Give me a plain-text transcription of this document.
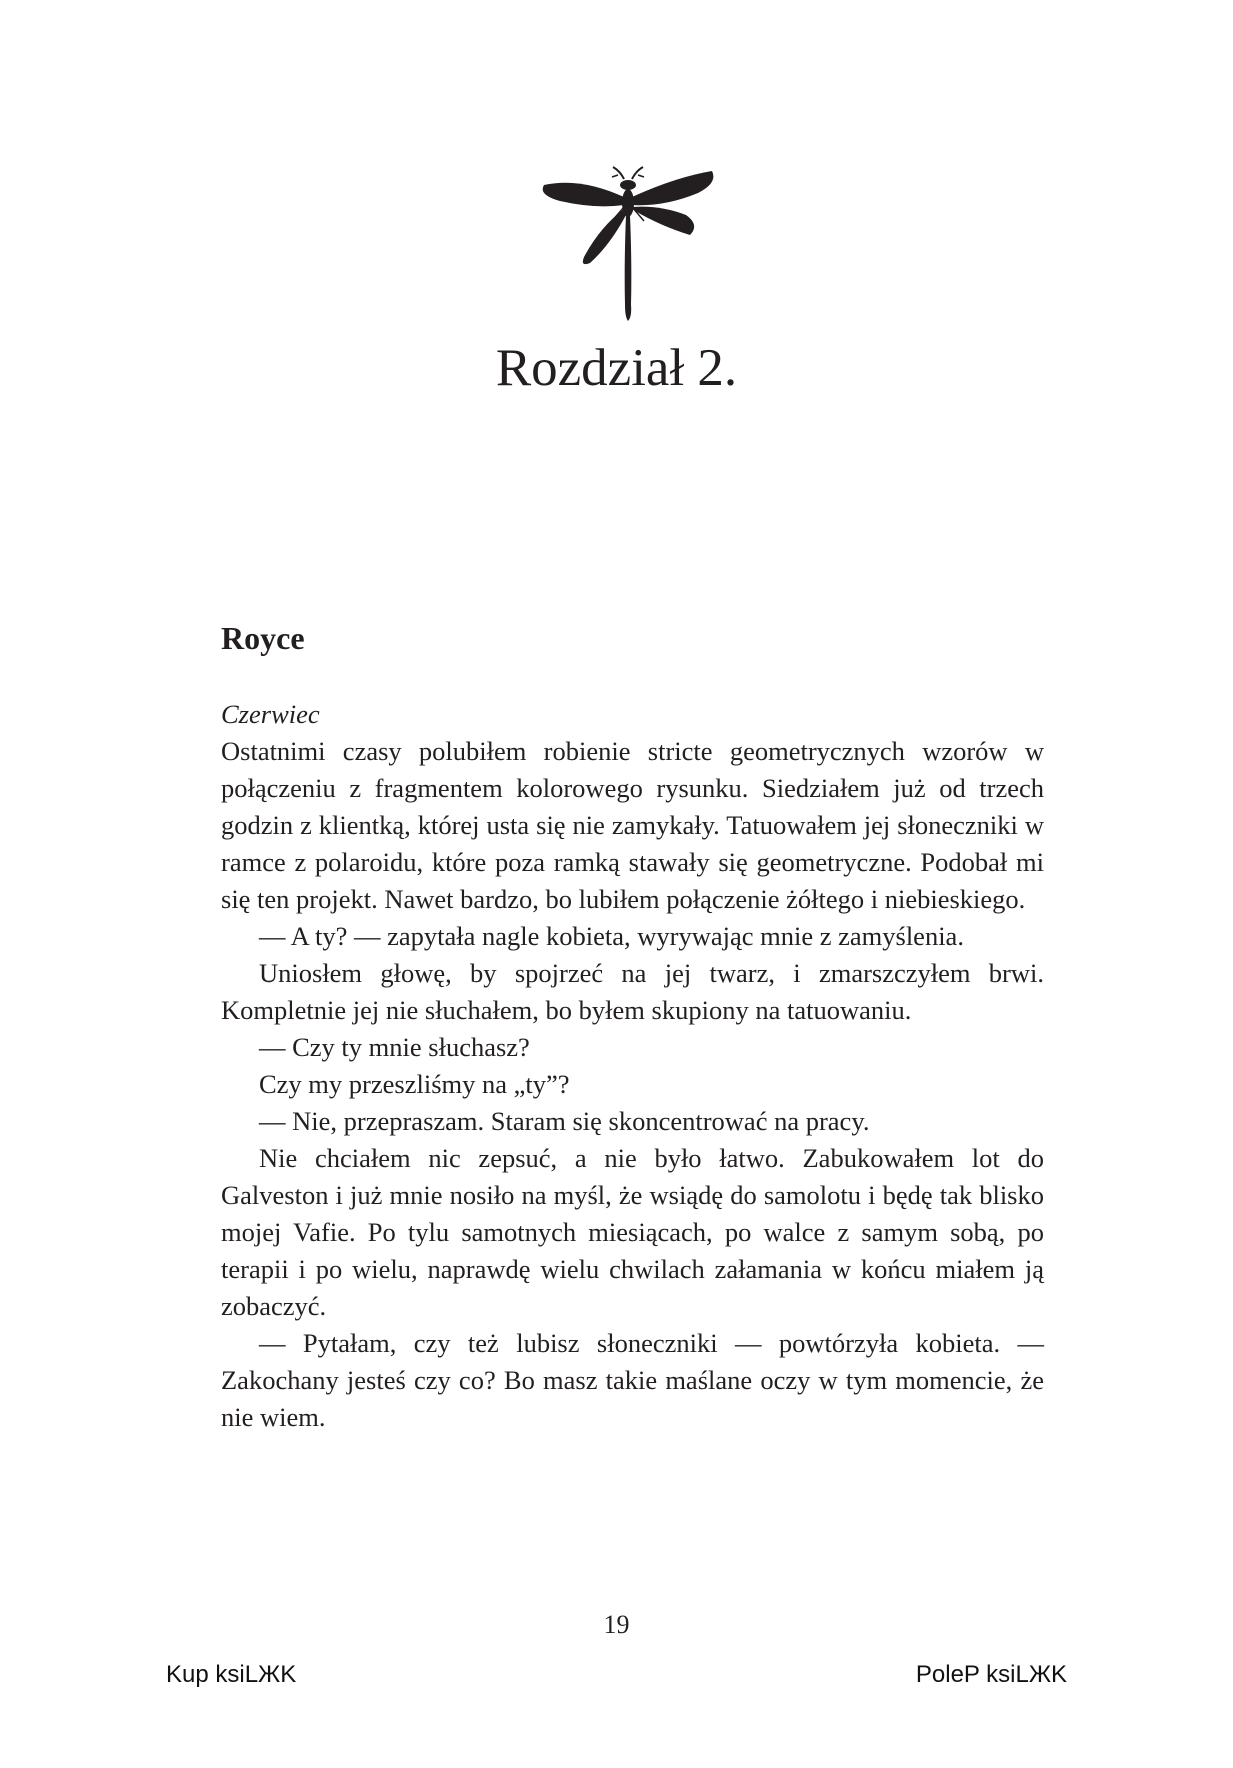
Rozdział 2.
Royce

Czerwiec

Ostatnimi czasy polubiłem robienie stricte geometrycznych wzorów w połączeniu z fragmentem kolorowego rysunku. Siedziałem już od trzech godzin z klientką, której usta się nie zamykały. Tatuowałem jej słoneczniki w ramce z polaroidu, które poza ramką stawały się geometryczne. Podobał mi się ten projekt. Nawet bardzo, bo lubiłem połączenie żółtego i niebieskiego.

— A ty? — zapytała nagle kobieta, wyrywając mnie z zamyślenia.

Uniosłem głowę, by spojrzeć na jej twarz, i zmarszczyłem brwi. Kompletnie jej nie słuchałem, bo byłem skupiony na tatuowaniu.

— Czy ty mnie słuchasz?

Czy my przeszliśmy na „ty”?

— Nie, przepraszam. Staram się skoncentrować na pracy.

Nie chciałem nic zepsuć, a nie było łatwo. Zabukowałem lot do Galveston i już mnie nosiło na myśl, że wsiądę do samolotu i będę tak blisko mojej Vafie. Po tylu samotnych miesiącach, po walce z samym sobą, po terapii i po wielu, naprawdę wielu chwilach załamania w końcu miałem ją zobaczyć.

— Pytałam, czy też lubisz słoneczniki — powtórzyła kobieta. — Zakochany jesteś czy co? Bo masz takie maślane oczy w tym momencie, że nie wiem.

19
Kup ksiLЖK	PoleP ksiLЖK
